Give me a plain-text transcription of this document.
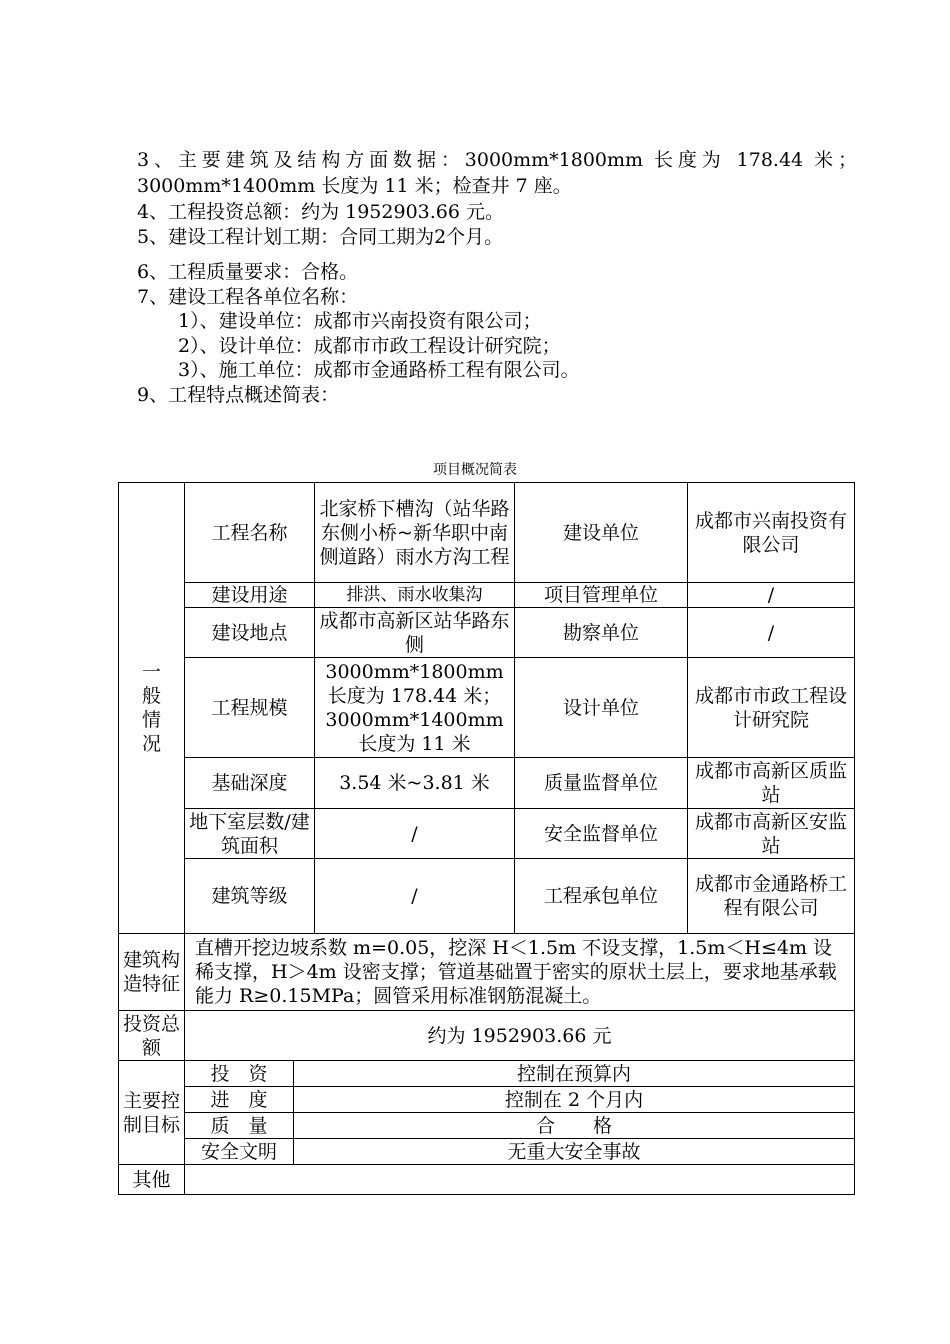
3、主要建筑及结构方面数据：3000mm*1800mm 长度为 178.44 米；
3000mm*1400mm 长度为 11 米；检查井 7 座。
4、工程投资总额：约为 1952903.66 元。
5、建设工程计划工期：合同工期为2个月。
6、工程质量要求：合格。
7、建设工程各单位名称：
1）、建设单位：成都市兴南投资有限公司；
2）、设计单位：成都市市政工程设计研究院；
3）、施工单位：成都市金通路桥工程有限公司。
9、工程特点概述简表：
项目概况简表
一
般
情
况
	工程名称	北家桥下槽沟（站华路东侧小桥~新华职中南侧道路）雨水方沟工程	建设单位	成都市兴南投资有限公司
建设用途	排洪、雨水收集沟	项目管理单位	/
建设地点	成都市高新区站华路东侧	勘察单位	/
工程规模	3000mm*1800mm 长度为 178.44 米；3000mm*1400mm 长度为 11 米	设计单位	成都市市政工程设计研究院
基础深度	3.54 米~3.81 米	质量监督单位	成都市高新区质监站
地下室层数/建筑面积	/	安全监督单位	成都市高新区安监站
建筑等级	/	工程承包单位	成都市金通路桥工程有限公司
建筑构造特征	直槽开挖边坡系数 m=0.05，挖深 H＜1.5m 不设支撑，1.5m＜H≤4m 设稀支撑，H＞4m 设密支撑；管道基础置于密实的原状土层上，要求地基承载能力 R≥0.15MPa；圆管采用标准钢筋混凝土。
投资总额	约为 1952903.66 元
主要控制目标	
投　资	控制在预算内
进　度	控制在 2 个月内
质　量	合　　格
安全文明	无重大安全事故

其他	
